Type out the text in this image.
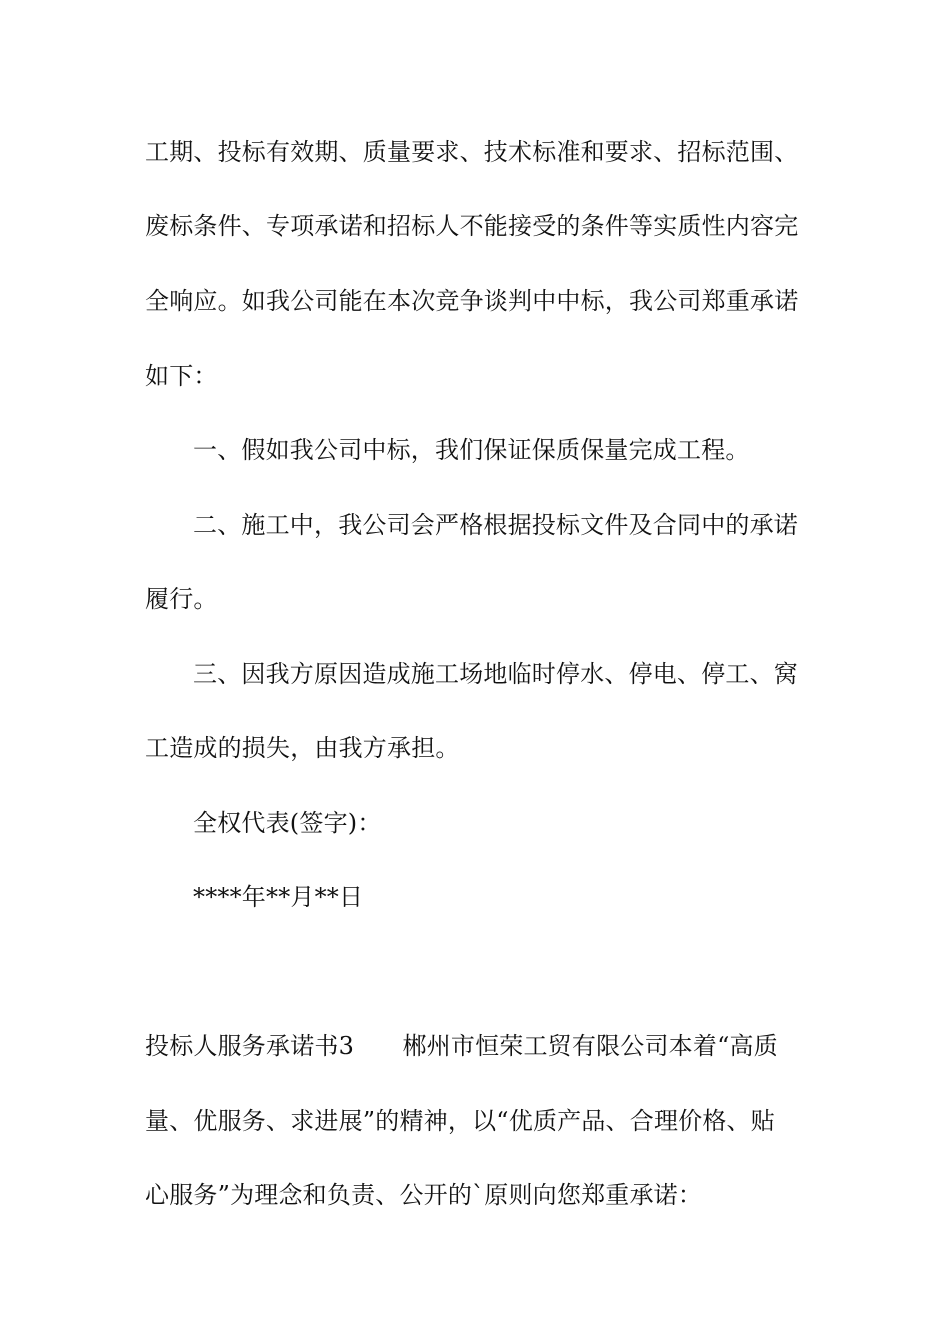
工期、投标有效期、质量要求、技术标准和要求、招标范围、
废标条件、专项承诺和招标人不能接受的条件等实质性内容完
全响应。如我公司能在本次竞争谈判中中标，我公司郑重承诺
如下：
一、假如我公司中标，我们保证保质保量完成工程。
二、施工中，我公司会严格根据投标文件及合同中的承诺
履行。
三、因我方原因造成施工场地临时停水、停电、停工、窝
工造成的损失，由我方承担。
全权代表(签字)：
****年**月**日
投标人服务承诺书3　　郴州市恒荣工贸有限公司本着“高质
量、优服务、求进展”的精神，以“优质产品、合理价格、贴
心服务”为理念和负责、公开的`原则向您郑重承诺：
